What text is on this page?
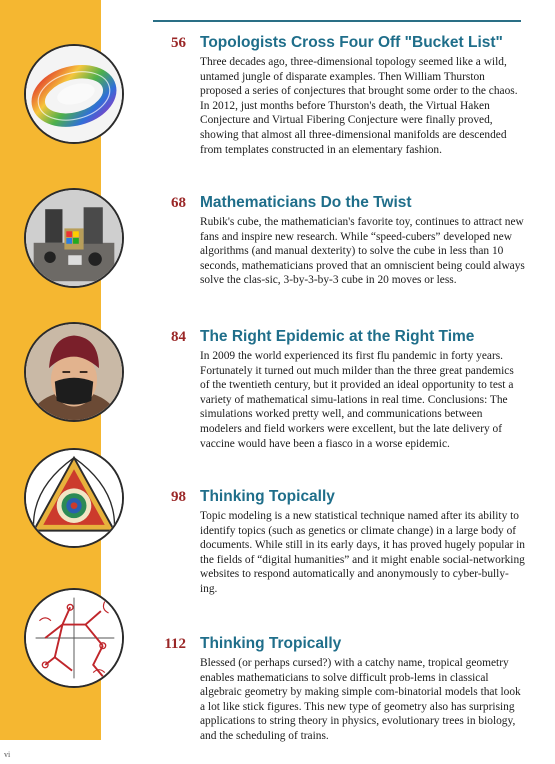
56 Topologists Cross Four Off "Bucket List"

Three decades ago, three-dimensional topology seemed like a wild, untamed jungle of disparate examples. Then William Thurston proposed a series of conjectures that brought some order to the chaos. In 2012, just months before Thurston's death, the Virtual Haken Conjecture and Virtual Fibering Conjecture were finally proved, showing that almost all three-dimensional manifolds are descended from templates constructed in an elementary fashion.

68 Mathematicians Do the Twist

Rubik's cube, the mathematician's favorite toy, continues to attract new fans and inspire new research. While “speed-cubers” developed new algorithms (and manual dexterity) to solve the cube in less than 10 seconds, mathematicians proved that an omniscient being could always solve the clas-sic, 3-by-3-by-3 cube in 20 moves or less.

84 The Right Epidemic at the Right Time

In 2009 the world experienced its first flu pandemic in forty years. Fortunately it turned out much milder than the three great pandemics of the twentieth century, but it provided an ideal opportunity to test a variety of mathematical simu-lations in real time. Conclusions: The simulations worked pretty well, and communications between modelers and field workers were excellent, but the late delivery of vaccine would have been a fiasco in a worse epidemic.

98 Thinking Topically

Topic modeling is a new statistical technique named after its ability to identify topics (such as genetics or climate change) in a large body of documents. While still in its early days, it has proved hugely popular in the fields of “digital humanities” and it might enable social-networking websites to respond automatically and anonymously to cyber-bully-ing.

112 Thinking Tropically

Blessed (or perhaps cursed?) with a catchy name, tropical geometry enables mathematicians to solve difficult prob-lems in classical algebraic geometry by making simple com-binatorial models that look a lot like stick figures. This new type of geometry also has surprising applications to string theory in physics, evolutionary trees in biology, and the scheduling of trains.

vi
